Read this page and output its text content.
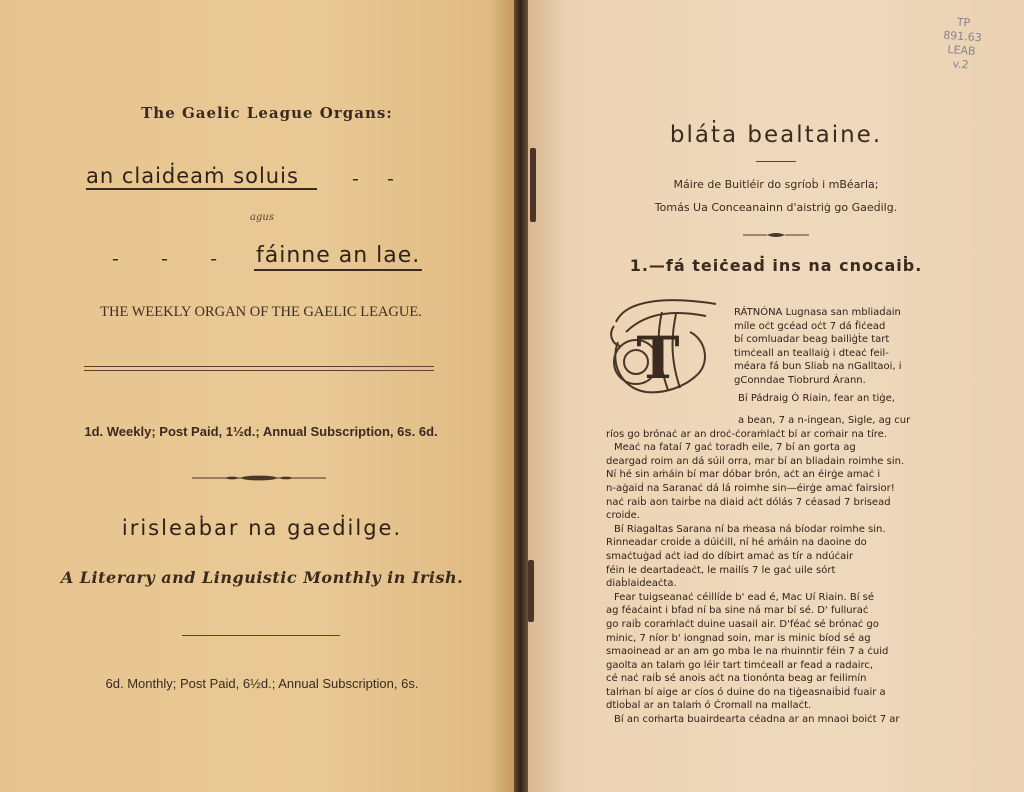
The Gaelic League Organs:
an claiḋeaṁ soluis	- -
agus
- - - fáinne an lae.
THE WEEKLY ORGAN OF THE GAELIC LEAGUE.
1d. Weekly; Post Paid, 1½d.; Annual Subscription, 6s. 6d.
irisleaḃar na gaeḋilge.
A Literary and Linguistic Monthly in Irish.
6d. Monthly; Post Paid, 6½d.; Annual Subscription, 6s.
TP
891.63
LEAB
v.2
bláṫa bealtaine.
Máire de Buitléir do sgríoḃ i mBéarla;
Tomás Ua Conceanainn d'aistriġ go Gaeḋilg.
1.—fá teiċeaḋ ins na cnocaiḃ.
T
RÁTNÓNA Lugnasa san mbliaḋain
míle oċt gcéad oċt 7 dá ḟiċead
bí comluadar beag bailiġṫe tart
timċeall an teallaiġ i dteaċ feil-
méara fá bun Sliaḃ na nGalltaoi, i
gConndae Tiobrurd Árann.
Bí Pádraig Ó Riain, fear an tiġe,
a bean, 7 a n-ingean, Sigle, ag cur
ríos go brónaċ ar an droċ-ċoraṁlaċt bí ar coṁair na tíre.
Meaċ na fataí 7 gaċ toradh eile, 7 bí an gorta ag
deargaḋ roim an dá súil orra, mar bí an bliaḋain roimhe sin.
Ní hé sin aṁáin bí mar ḋóbar brón, aċt an éirġe amaċ i
n-aġaiḋ na Saranaċ dá lá roimhe sin—éirġe amaċ fairsior!
naċ raiḃ aon tairḃe na diaiḋ aċt dólás 7 céasaḋ 7 briseaḋ
croiḋe.
Bí Riagaltas Sarana ní ba ṁeasa ná bíodar roimhe sin.
Rinneadar croiḋe a dúiċill, ní hé aṁáin na daoine do
smaċtuġaḋ aċt iad do ḋíbirt amaċ as tír a ndúċair
féin le deartaḋeaċt, le mailís 7 le gaċ uile sórt
diaḃlaiḋeaċta.
Fear tuigseanaċ céillíḋe b' eaḋ é, Mac Uí Riain. Bí sé
ag féaċaint i bfad ní ba sine ná mar bí sé. D' fulluraċ
go raiḃ coraṁlaċt duine uasail air. D'féaċ sé brónaċ go
minic, 7 níor b' iongnaḋ soin, mar is minic bíoḋ sé ag
smaoineaḋ ar an am go mba le na ṁuinntir féin 7 a ċuid
gaolta an talaṁ go léir tart timċeall ar feaḋ a radairc,
cé naċ raiḃ sé anois aċt na tionónta beag ar feilimín
talṁan bí aige ar cíos ó duine do na tiġeasnaiḃiḋ fuair a
dtioḃal ar an talaṁ ó Ċromall na mallaċt.
Bí an coṁarta buairdearta céadna ar an mnaoi boiċt 7 ar
